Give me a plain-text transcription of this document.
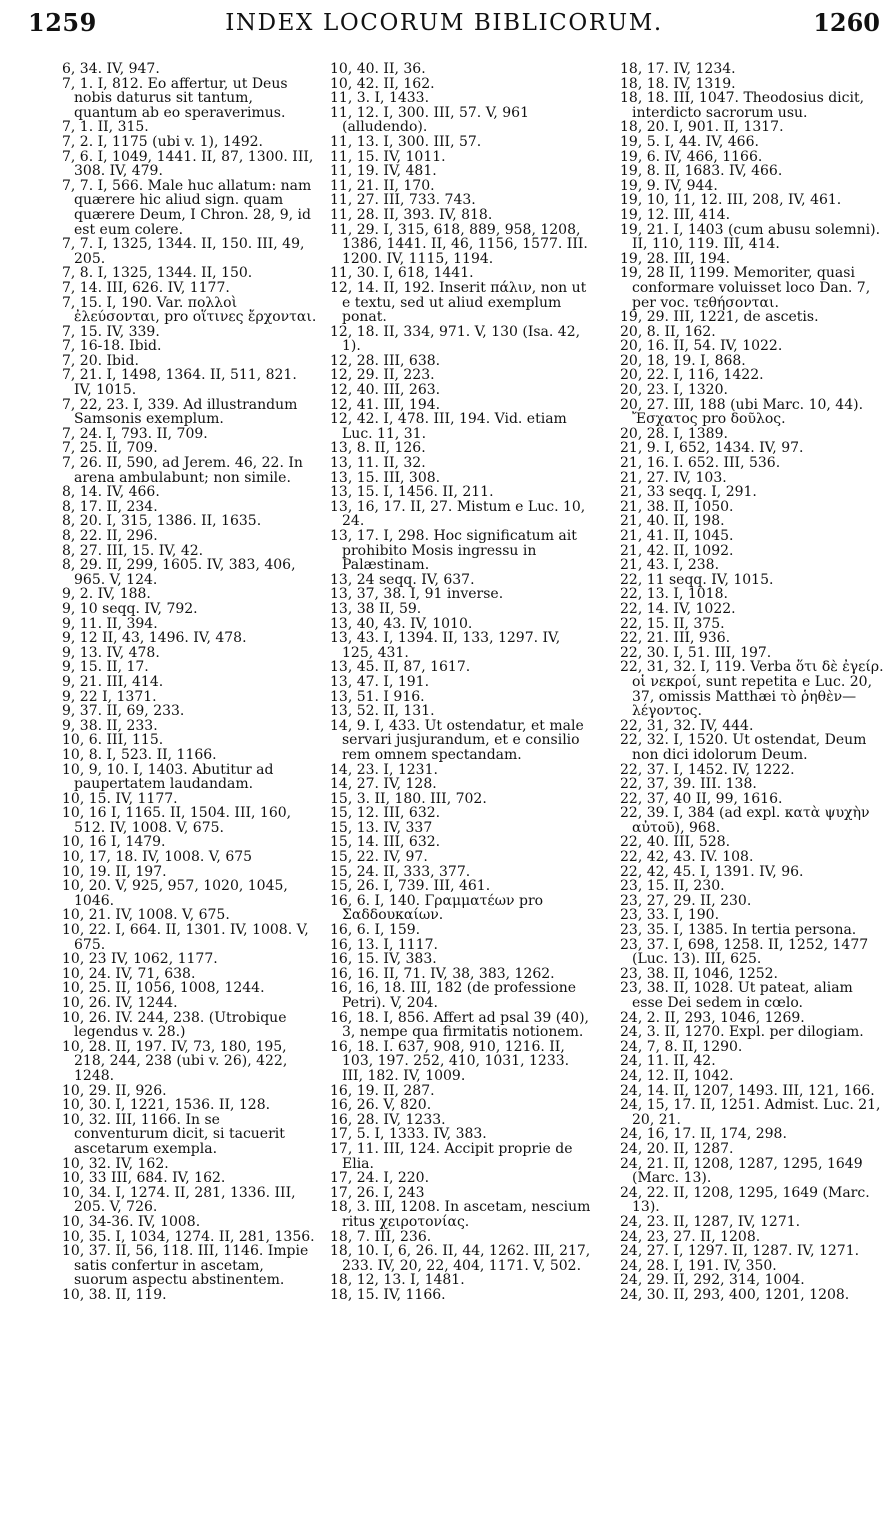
1259	INDEX LOCORUM BIBLICORUM.	1260
6, 34. IV, 947.
7, 1. I, 812. Eo affertur, ut Deus nobis daturus sit tantum, quantum ab eo speraverimus.
7, 1. II, 315.
7, 2. I, 1175 (ubi v. 1), 1492.
7, 6. I, 1049, 1441. II, 87, 1300. III, 308. IV, 479.
7, 7. I, 566. Male huc allatum: nam quærere hic aliud sign. quam quærere Deum, I Chron. 28, 9, id est eum colere.
7, 7. I, 1325, 1344. II, 150. III, 49, 205.
7, 8. I, 1325, 1344. II, 150.
7, 14. III, 626. IV, 1177.
7, 15. I, 190. Var. πολλοὶ ἐλεύσονται, pro οἵτινες ἔρχονται.
7, 15. IV, 339.
7, 16-18. Ibid.
7, 20. Ibid.
7, 21. I, 1498, 1364. II, 511, 821. IV, 1015.
7, 22, 23. I, 339. Ad illustrandum Samsonis exemplum.
7, 24. I, 793. II, 709.
7, 25. II, 709.
7, 26. II, 590, ad Jerem. 46, 22. In arena ambulabunt; non simile.
8, 14. IV, 466.
8, 17. II, 234.
8, 20. I, 315, 1386. II, 1635.
8, 22. II, 296.
8, 27. III, 15. IV, 42.
8, 29. II, 299, 1605. IV, 383, 406, 965. V, 124.
9, 2. IV, 188.
9, 10 seqq. IV, 792.
9, 11. II, 394.
9, 12 II, 43, 1496. IV, 478.
9, 13. IV, 478.
9, 15. II, 17.
9, 21. III, 414.
9, 22 I, 1371.
9, 37. II, 69, 233.
9, 38. II, 233.
10, 6. III, 115.
10, 8. I, 523. II, 1166.
10, 9, 10. I, 1403. Abutitur ad paupertatem laudandam.
10, 15. IV, 1177.
10, 16 I, 1165. II, 1504. III, 160, 512. IV, 1008. V, 675.
10, 16 I, 1479.
10, 17, 18. IV, 1008. V, 675
10, 19. II, 197.
10, 20. V, 925, 957, 1020, 1045, 1046.
10, 21. IV, 1008. V, 675.
10, 22. I, 664. II, 1301. IV, 1008. V, 675.
10, 23 IV, 1062, 1177.
10, 24. IV, 71, 638.
10, 25. II, 1056, 1008, 1244.
10, 26. IV, 1244.
10, 26. IV. 244, 238. (Utrobique legendus v. 28.)
10, 28. II, 197. IV, 73, 180, 195, 218, 244, 238 (ubi v. 26), 422, 1248.
10, 29. II, 926.
10, 30. I, 1221, 1536. II, 128.
10, 32. III, 1166. In se conventurum dicit, si tacuerit ascetarum exempla.
10, 32. IV, 162.
10, 33 III, 684. IV, 162.
10, 34. I, 1274. II, 281, 1336. III, 205. V, 726.
10, 34-36. IV, 1008.
10, 35. I, 1034, 1274. II, 281, 1356.
10, 37. II, 56, 118. III, 1146. Impie satis confertur in ascetam, suorum aspectu abstinentem.
10, 38. II, 119.
10, 40. II, 36.
10, 42. II, 162.
11, 3. I, 1433.
11, 12. I, 300. III, 57. V, 961 (alludendo).
11, 13. I, 300. III, 57.
11, 15. IV, 1011.
11, 19. IV, 481.
11, 21. II, 170.
11, 27. III, 733. 743.
11, 28. II, 393. IV, 818.
11, 29. I, 315, 618, 889, 958, 1208, 1386, 1441. II, 46, 1156, 1577. III. 1200. IV, 1115, 1194.
11, 30. I, 618, 1441.
12, 14. II, 192. Inserit πάλιν, non ut e textu, sed ut aliud exemplum ponat.
12, 18. II, 334, 971. V, 130 (Isa. 42, 1).
12, 28. III, 638.
12, 29. II, 223.
12, 40. III, 263.
12, 41. III, 194.
12, 42. I, 478. III, 194. Vid. etiam Luc. 11, 31.
13, 8. II, 126.
13, 11. II, 32.
13, 15. III, 308.
13, 15. I, 1456. II, 211.
13, 16, 17. II, 27. Mistum e Luc. 10, 24.
13, 17. I, 298. Hoc significatum ait prohibito Mosis ingressu in Palæstinam.
13, 24 seqq. IV, 637.
13, 37, 38. I, 91 inverse.
13, 38 II, 59.
13, 40, 43. IV, 1010.
13, 43. I, 1394. II, 133, 1297. IV, 125, 431.
13, 45. II, 87, 1617.
13, 47. I, 191.
13, 51. I 916.
13, 52. II, 131.
14, 9. I, 433. Ut ostendatur, et male servari jusjurandum, et e consilio rem omnem spectandam.
14, 23. I, 1231.
14, 27. IV, 128.
15, 3. II, 180. III, 702.
15, 12. III, 632.
15, 13. IV, 337
15, 14. III, 632.
15, 22. IV, 97.
15, 24. II, 333, 377.
15, 26. I, 739. III, 461.
16, 6. I, 140. Γραμματέων pro Σαδδουκαίων.
16, 6. I, 159.
16, 13. I, 1117.
16, 15. IV, 383.
16, 16. II, 71. IV, 38, 383, 1262.
16, 16, 18. III, 182 (de professione Petri). V, 204.
16, 18. I, 856. Affert ad psal 39 (40), 3, nempe qua firmitatis notionem.
16, 18. I. 637, 908, 910, 1216. II, 103, 197. 252, 410, 1031, 1233. III, 182. IV, 1009.
16, 19. II, 287.
16, 26. V, 820.
16, 28. IV, 1233.
17, 5. I, 1333. IV, 383.
17, 11. III, 124. Accipit proprie de Elia.
17, 24. I, 220.
17, 26. I, 243
18, 3. III, 1208. In ascetam, nescium ritus χειροτονίας.
18, 7. III, 236.
18, 10. I, 6, 26. II, 44, 1262. III, 217, 233. IV, 20, 22, 404, 1171. V, 502.
18, 12, 13. I, 1481.
18, 15. IV, 1166.
18, 17. IV, 1234.
18, 18. IV, 1319.
18, 18. III, 1047. Theodosius dicit, interdicto sacrorum usu.
18, 20. I, 901. II, 1317.
19, 5. I, 44. IV, 466.
19, 6. IV, 466, 1166.
19, 8. II, 1683. IV, 466.
19, 9. IV, 944.
19, 10, 11, 12. III, 208, IV, 461.
19, 12. III, 414.
19, 21. I, 1403 (cum abusu solemni). II, 110, 119. III, 414.
19, 28. III, 194.
19, 28 II, 1199. Memoriter, quasi conformare voluisset loco Dan. 7, per voc. τεθήσονται.
19, 29. III, 1221, de ascetis.
20, 8. II, 162.
20, 16. II, 54. IV, 1022.
20, 18, 19. I, 868.
20, 22. I, 116, 1422.
20, 23. I, 1320.
20, 27. III, 188 (ubi Marc. 10, 44). Ἔσχατος pro δοῦλος.
20, 28. I, 1389.
21, 9. I, 652, 1434. IV, 97.
21, 16. I. 652. III, 536.
21, 27. IV, 103.
21, 33 seqq. I, 291.
21, 38. II, 1050.
21, 40. II, 198.
21, 41. II, 1045.
21, 42. II, 1092.
21, 43. I, 238.
22, 11 seqq. IV, 1015.
22, 13. I, 1018.
22, 14. IV, 1022.
22, 15. II, 375.
22, 21. III, 936.
22, 30. I, 51. III, 197.
22, 31, 32. I, 119. Verba ὅτι δὲ ἐγείρ. οἱ νεκροί, sunt repetita e Luc. 20, 37, omissis Matthæi τὸ ῥηθὲν—λέγοντος.
22, 31, 32. IV, 444.
22, 32. I, 1520. Ut ostendat, Deum non dici idolorum Deum.
22, 37. I, 1452. IV, 1222.
22, 37, 39. III. 138.
22, 37, 40 II, 99, 1616.
22, 39. I, 384 (ad expl. κατὰ ψυχὴν αὐτοῦ), 968.
22, 40. III, 528.
22, 42, 43. IV. 108.
22, 42, 45. I, 1391. IV, 96.
23, 15. II, 230.
23, 27, 29. II, 230.
23, 33. I, 190.
23, 35. I, 1385. In tertia persona.
23, 37. I, 698, 1258. II, 1252, 1477 (Luc. 13). III, 625.
23, 38. II, 1046, 1252.
23, 38. II, 1028. Ut pateat, aliam esse Dei sedem in cœlo.
24, 2. II, 293, 1046, 1269.
24, 3. II, 1270. Expl. per dilogiam.
24, 7, 8. II, 1290.
24, 11. II, 42.
24, 12. II, 1042.
24, 14. II, 1207, 1493. III, 121, 166.
24, 15, 17. II, 1251. Admist. Luc. 21, 20, 21.
24, 16, 17. II, 174, 298.
24, 20. II, 1287.
24, 21. II, 1208, 1287, 1295, 1649 (Marc. 13).
24, 22. II, 1208, 1295, 1649 (Marc. 13).
24, 23. II, 1287, IV, 1271.
24, 23, 27. II, 1208.
24, 27. I, 1297. II, 1287. IV, 1271.
24, 28. I, 191. IV, 350.
24, 29. II, 292, 314, 1004.
24, 30. II, 293, 400, 1201, 1208.
